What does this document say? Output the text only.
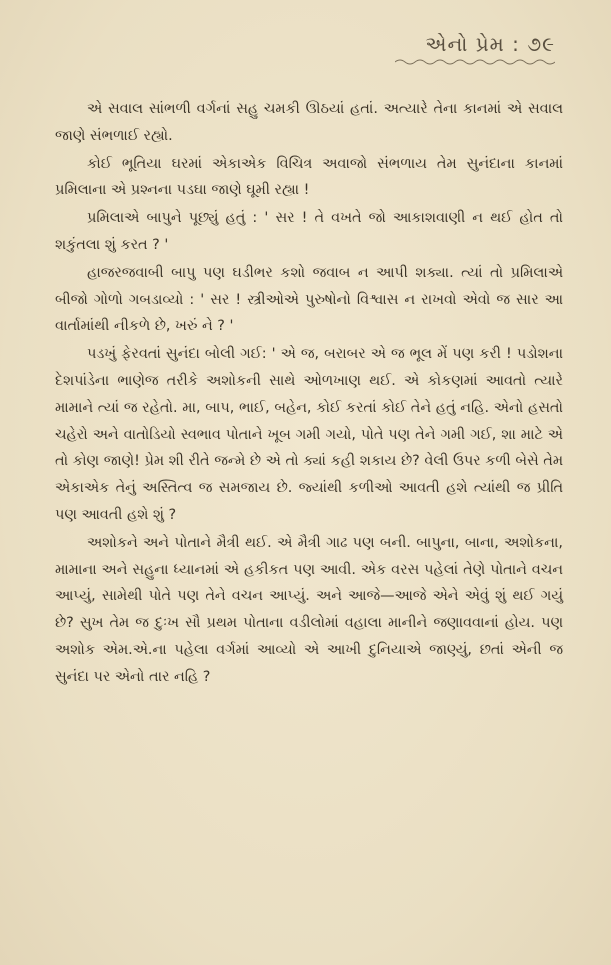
એનો પ્રેમ : ૭૯

એ સવાલ સાંભળી વર્ગનાં સહુ ચમકી ઊઠયાં હતાં. અત્યારે તેના કાનમાં એ સવાલ જાણે સંભળાઈ રહ્યો.

કોઈ ભૂતિયા ઘરમાં એકાએક વિચિત્ર અવાજો સંભળાય તેમ સુનંદાના કાનમાં પ્રમિલાના એ પ્રશ્નના પડઘા જાણે ઘૂમી રહ્યા !

પ્રમિલાએ બાપુને પૂછ્યું હતું : ' સર ! તે વખતે જો આકાશવાણી ન થઈ હોત તો શકુંતલા શું કરત ? '

હાજરજવાબી બાપુ પણ ઘડીભર કશો જવાબ ન આપી શક્યા. ત્યાં તો પ્રમિલાએ બીજો ગોળો ગબડાવ્યો : ' સર ! સ્ત્રીઓએ પુરુષોનો વિશ્વાસ ન રાખવો એવો જ સાર આ વાર્તામાંથી નીકળે છે, ખરું ને ? '

પડખું ફેરવતાં સુનંદા બોલી ગઈ: ' એ જ, બરાબર એ જ ભૂલ મેં પણ કરી ! પડોશના દેશપાંડેના ભાણેજ તરીકે અશોકની સાથે ઓળખાણ થઈ. એ કોકણમાં આવતો ત્યારે મામાને ત્યાં જ રહેતો. મા, બાપ, ભાઈ, બહેન, કોઈ કરતાં કોઈ તેને હતું નહિ. એનો હસતો ચહેરો અને વાતોડિયો સ્વભાવ પોતાને ખૂબ ગમી ગયો, પોતે પણ તેને ગમી ગઈ, શા માટે એ તો કોણ જાણે! પ્રેમ શી રીતે જન્મે છે એ તો ક્યાં કહી શકાય છે? વેલી ઉપર કળી બેસે તેમ એકાએક તેનું અસ્તિત્વ જ સમજાય છે. જ્યાંથી કળીઓ આવતી હશે ત્યાંથી જ પ્રીતિ પણ આવતી હશે શું ?

અશોકને અને પોતાને મૈત્રી થઈ. એ મૈત્રી ગાઢ પણ બની. બાપુના, બાના, અશોકના, મામાના અને સહુના ધ્યાનમાં એ હકીકત પણ આવી. એક વરસ પહેલાં તેણે પોતાને વચન આપ્યું, સામેથી પોતે પણ તેને વચન આપ્યું. અને આજે—આજે એને એવું શું થઈ ગયું છે? સુખ તેમ જ દુઃખ સૌ પ્રથમ પોતાના વડીલોમાં વહાલા માનીને જણાવવાનાં હોય. પણ અશોક એમ.એ.ના પહેલા વર્ગમાં આવ્યો એ આખી દુનિયાએ જાણ્યું, છતાં એની જ સુનંદા પર એનો તાર નહિ ?
